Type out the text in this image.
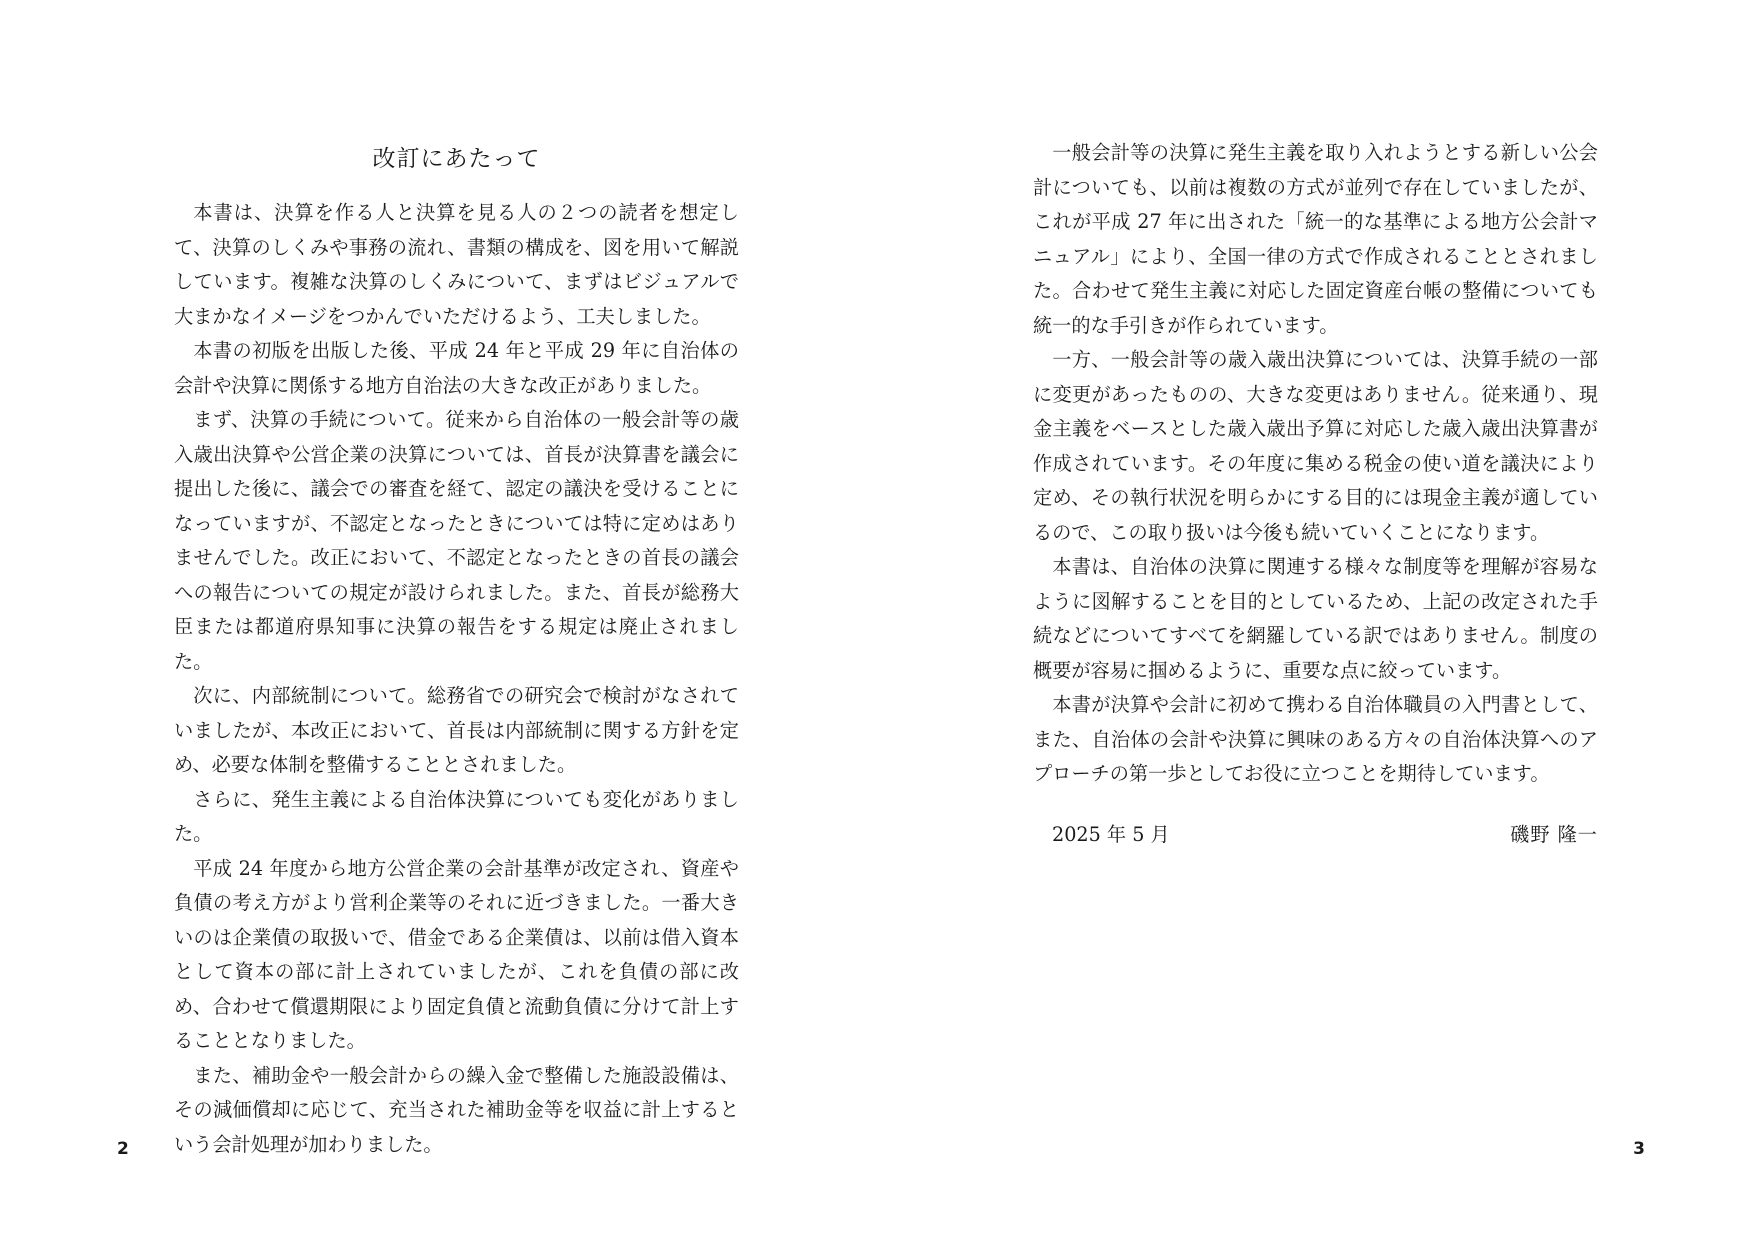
改訂にあたって

本書は、決算を作る人と決算を見る人の２つの読者を想定して、決算のしくみや事務の流れ、書類の構成を、図を用いて解説しています。複雑な決算のしくみについて、まずはビジュアルで大まかなイメージをつかんでいただけるよう、工夫しました。

本書の初版を出版した後、平成 24 年と平成 29 年に自治体の会計や決算に関係する地方自治法の大きな改正がありました。

まず、決算の手続について。従来から自治体の一般会計等の歳入歳出決算や公営企業の決算については、首長が決算書を議会に提出した後に、議会での審査を経て、認定の議決を受けることになっていますが、不認定となったときについては特に定めはありませんでした。改正において、不認定となったときの首長の議会への報告についての規定が設けられました。また、首長が総務大臣または都道府県知事に決算の報告をする規定は廃止されました。

次に、内部統制について。総務省での研究会で検討がなされていましたが、本改正において、首長は内部統制に関する方針を定め、必要な体制を整備することとされました。

さらに、発生主義による自治体決算についても変化がありました。

平成 24 年度から地方公営企業の会計基準が改定され、資産や負債の考え方がより営利企業等のそれに近づきました。一番大きいのは企業債の取扱いで、借金である企業債は、以前は借入資本として資本の部に計上されていましたが、これを負債の部に改め、合わせて償還期限により固定負債と流動負債に分けて計上することとなりました。

また、補助金や一般会計からの繰入金で整備した施設設備は、その減価償却に応じて、充当された補助金等を収益に計上するという会計処理が加わりました。

2

一般会計等の決算に発生主義を取り入れようとする新しい公会計についても、以前は複数の方式が並列で存在していましたが、これが平成 27 年に出された「統一的な基準による地方公会計マニュアル」により、全国一律の方式で作成されることとされました。合わせて発生主義に対応した固定資産台帳の整備についても統一的な手引きが作られています。

一方、一般会計等の歳入歳出決算については、決算手続の一部に変更があったものの、大きな変更はありません。従来通り、現金主義をベースとした歳入歳出予算に対応した歳入歳出決算書が作成されています。その年度に集める税金の使い道を議決により定め、その執行状況を明らかにする目的には現金主義が適しているので、この取り扱いは今後も続いていくことになります。

本書は、自治体の決算に関連する様々な制度等を理解が容易なように図解することを目的としているため、上記の改定された手続などについてすべてを網羅している訳ではありません。制度の概要が容易に掴めるように、重要な点に絞っています。

本書が決算や会計に初めて携わる自治体職員の入門書として、また、自治体の会計や決算に興味のある方々の自治体決算へのアプローチの第一歩としてお役に立つことを期待しています。

2025 年 5 月	磯野 隆一
3
